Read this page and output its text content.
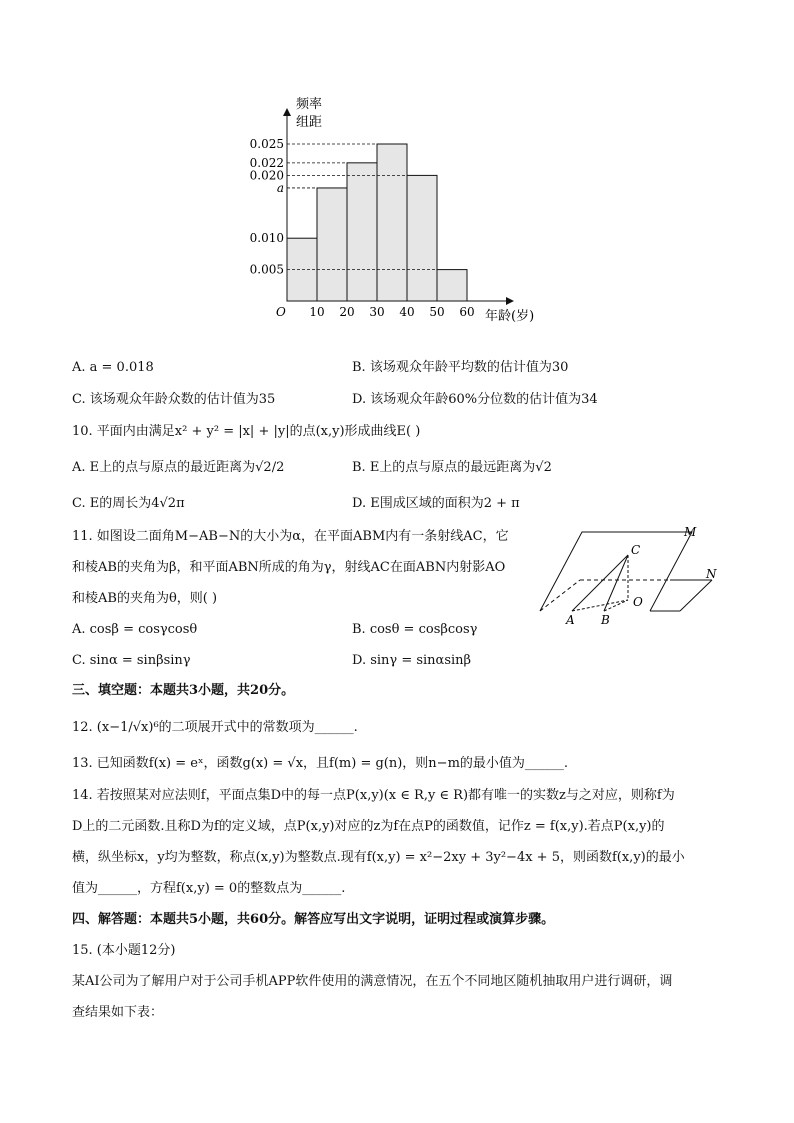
频率
组距
年龄(岁)
O 10 20 30 40 50 60
0.025
0.022
0.020
a
0.010
0.005
A. a = 0.018	B. 该场观众年龄平均数的估计值为30
C. 该场观众年龄众数的估计值为35	D. 该场观众年龄60%分位数的估计值为34
10. 平面内由满足x² + y² = |x| + |y|的点(x,y)形成曲线E( )
A. E上的点与原点的最近距离为√2/2	B. E上的点与原点的最远距离为√2
C. E的周长为4√2π	D. E围成区域的面积为2 + π
11. 如图设二面角M−AB−N的大小为α，在平面ABM内有一条射线AC，它
和棱AB的夹角为β，和平面ABN所成的角为γ，射线AC在面ABN内射影AO
和棱AB的夹角为θ，则( )
M
N
C
O
A B
A. cosβ = cosγcosθ	B. cosθ = cosβcosγ
C. sinα = sinβsinγ	D. sinγ = sinαsinβ
三、填空题：本题共3小题，共20分。
12. (x−1/√x)⁶的二项展开式中的常数项为______.
13. 已知函数f(x) = eˣ，函数g(x) = √x，且f(m) = g(n)，则n−m的最小值为______.
14. 若按照某对应法则f，平面点集D中的每一点P(x,y)(x ∈ R,y ∈ R)都有唯一的实数z与之对应，则称f为
D上的二元函数.且称D为f的定义域，点P(x,y)对应的z为f在点P的函数值，记作z = f(x,y).若点P(x,y)的
横，纵坐标x，y均为整数，称点(x,y)为整数点.现有f(x,y) = x²−2xy + 3y²−4x + 5，则函数f(x,y)的最小
值为______，方程f(x,y) = 0的整数点为______.
四、解答题：本题共5小题，共60分。解答应写出文字说明，证明过程或演算步骤。
15. (本小题12分)
某AI公司为了解用户对于公司手机APP软件使用的满意情况，在五个不同地区随机抽取用户进行调研，调
查结果如下表：
